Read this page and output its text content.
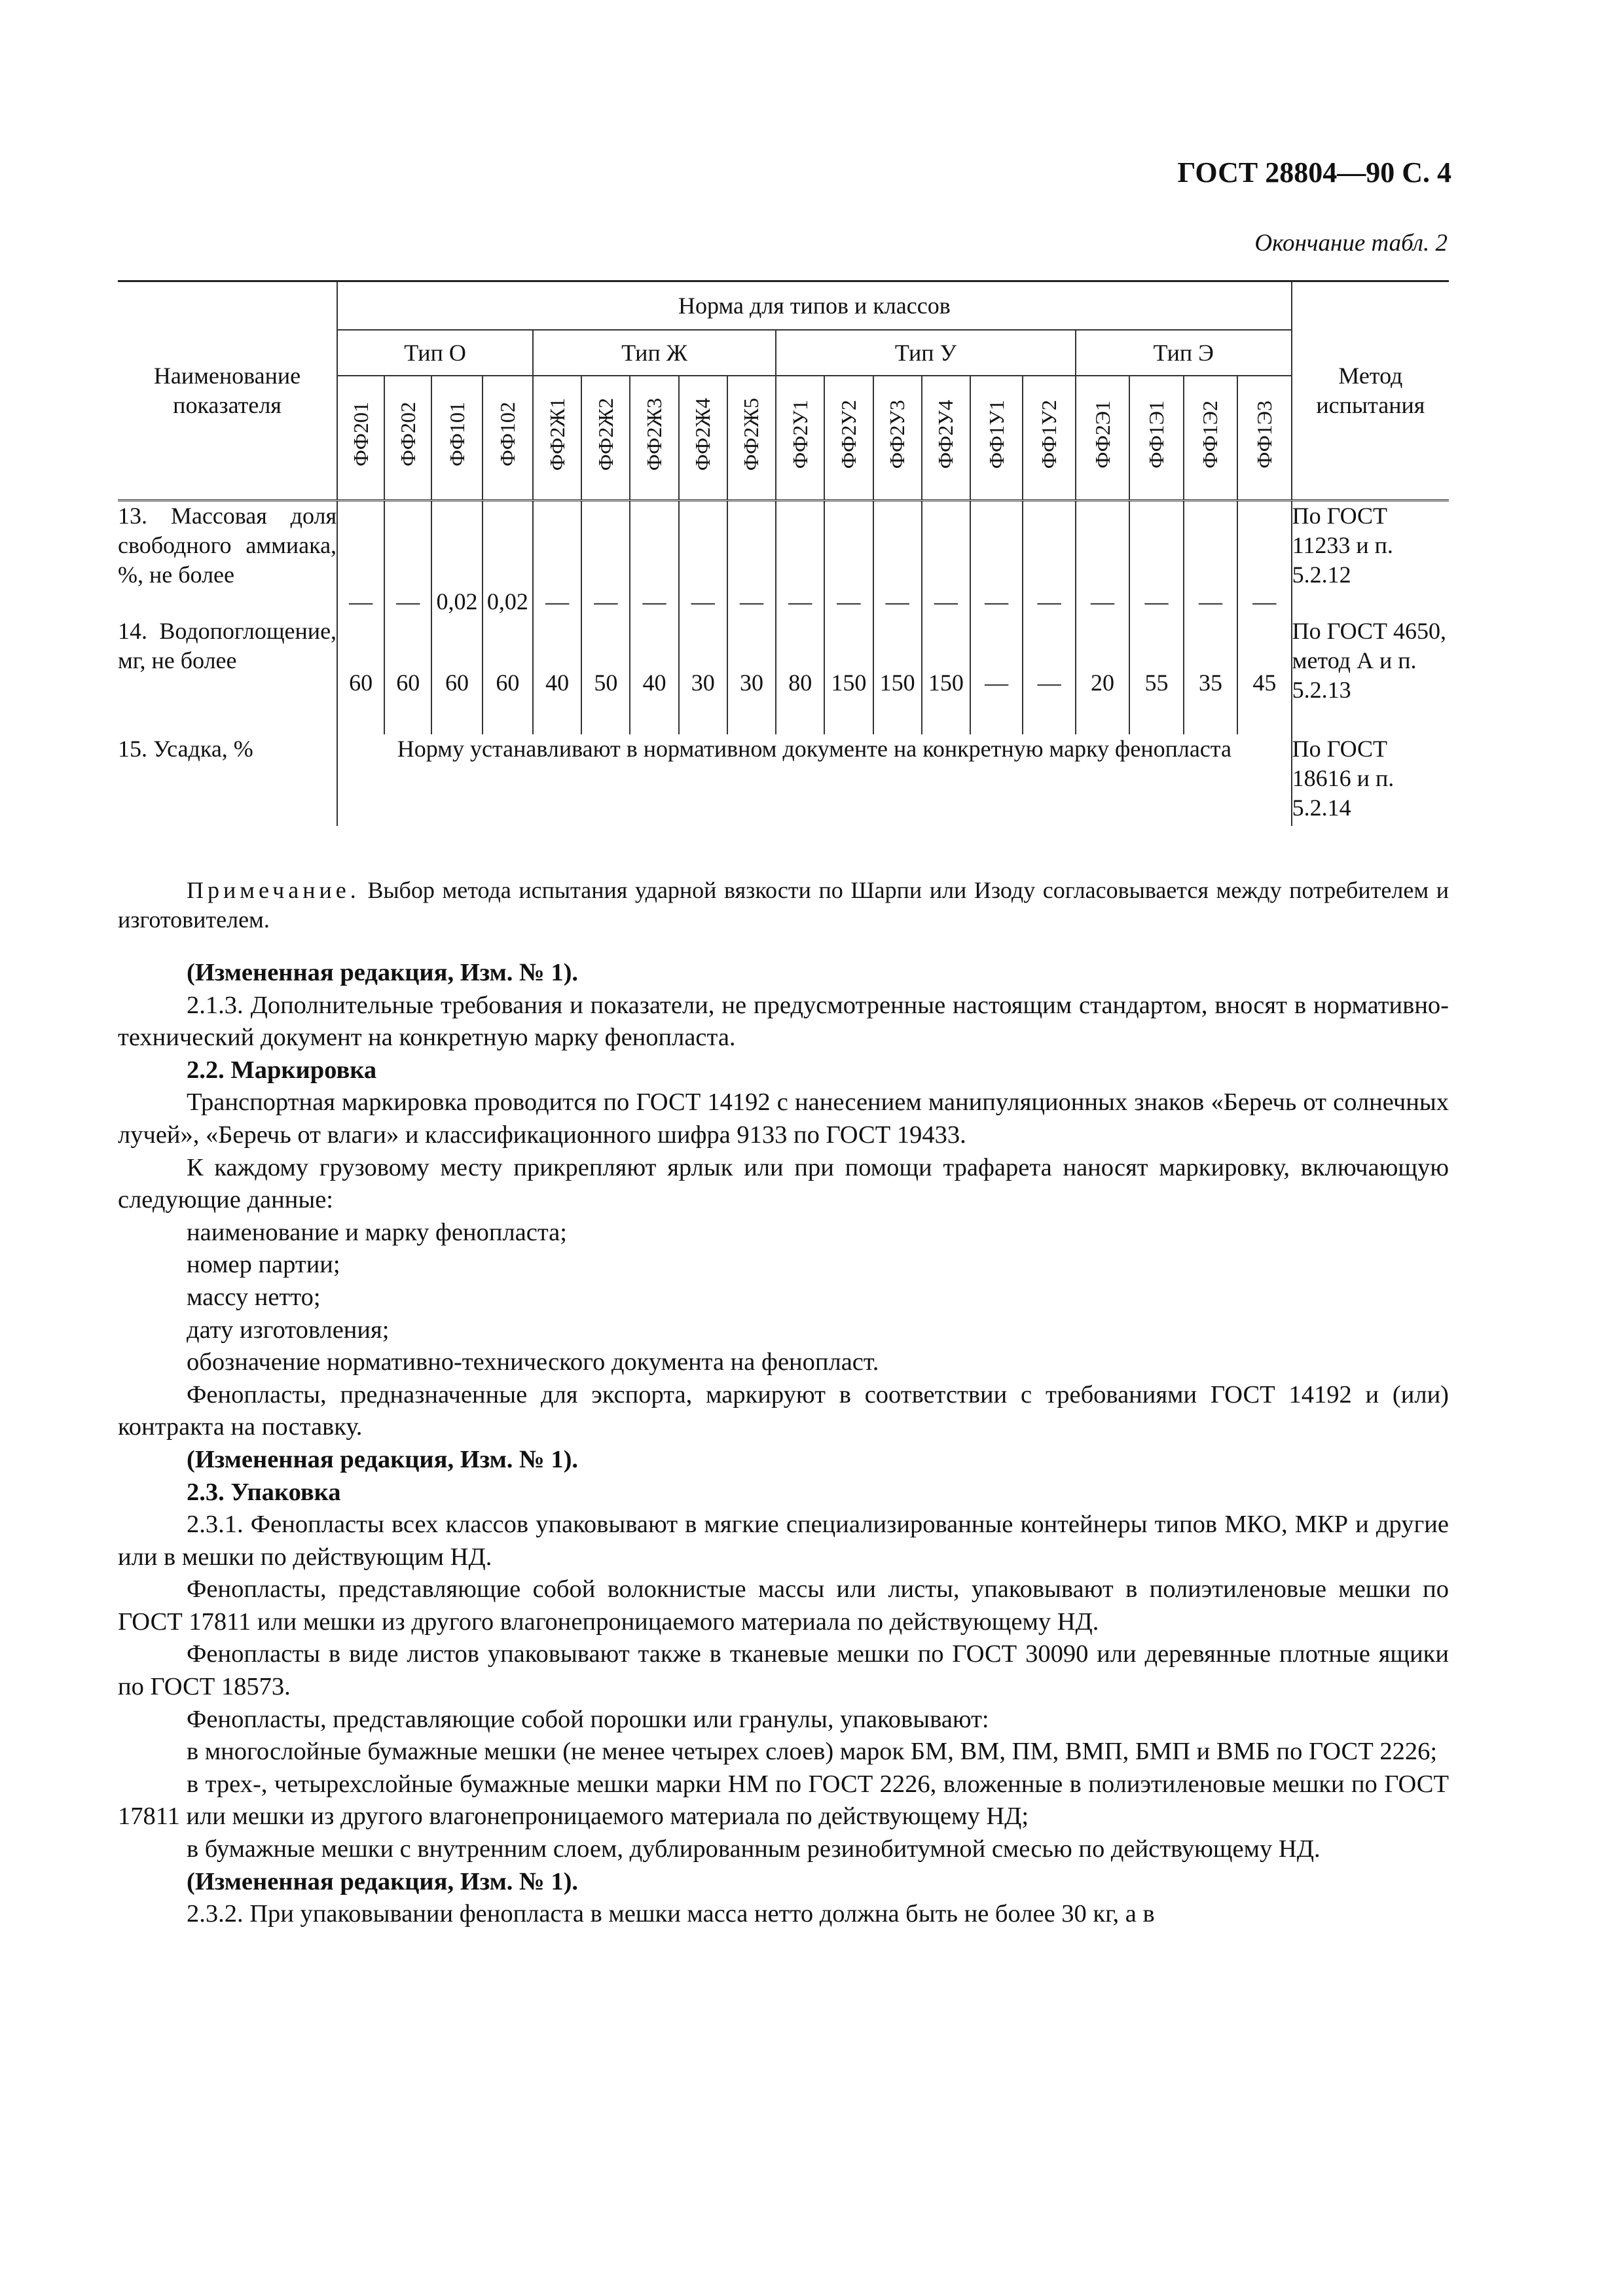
ГОСТ 28804—90 С. 4
Окончание табл. 2
Наименование показателя	Норма для типов и классов																			Метод испытания
	Тип О				Тип Ж					Тип У						Тип Э				
	ФФ201	ФФ202	ФФ101	ФФ102	ФФ2Ж1	ФФ2Ж2	ФФ2Ж3	ФФ2Ж4	ФФ2Ж5	ФФ2У1	ФФ2У2	ФФ2У3	ФФ2У4	ФФ1У1	ФФ1У2	ФФ2Э1	ФФ1Э1	ФФ1Э2	ФФ1Э3	
13. Массовая доля свободного аммиака, %, не более	—	—	0,02	0,02	—	—	—	—	—	—	—	—	—	—	—	—	—	—	—	По ГОСТ 11233 и п. 5.2.12
14. Водопоглощение, мг, не более	60	60	60	60	40	50	40	30	30	80	150	150	150	—	—	20	55	35	45	По ГОСТ 4650, метод А и п. 5.2.13
15. Усадка, %	Норму устанавливают в нормативном документе на конкретную марку фенопласта																			По ГОСТ 18616 и п. 5.2.14

Примечание. Выбор метода испытания ударной вязкости по Шарпи или Изоду согласовывается между потребителем и изготовителем.

(Измененная редакция, Изм. № 1).

2.1.3. Дополнительные требования и показатели, не предусмотренные настоящим стандартом, вносят в нормативно-технический документ на конкретную марку фенопласта.

2.2. Маркировка

Транспортная маркировка проводится по ГОСТ 14192 с нанесением манипуляционных знаков «Беречь от солнечных лучей», «Беречь от влаги» и классификационного шифра 9133 по ГОСТ 19433.

К каждому грузовому месту прикрепляют ярлык или при помощи трафарета наносят маркировку, включающую следующие данные:

наименование и марку фенопласта;

номер партии;

массу нетто;

дату изготовления;

обозначение нормативно-технического документа на фенопласт.

Фенопласты, предназначенные для экспорта, маркируют в соответствии с требованиями ГОСТ 14192 и (или) контракта на поставку.

(Измененная редакция, Изм. № 1).

2.3. Упаковка

2.3.1. Фенопласты всех классов упаковывают в мягкие специализированные контейнеры типов МКО, МКР и другие или в мешки по действующим НД.

Фенопласты, представляющие собой волокнистые массы или листы, упаковывают в полиэтиленовые мешки по ГОСТ 17811 или мешки из другого влагонепроницаемого материала по действующему НД.

Фенопласты в виде листов упаковывают также в тканевые мешки по ГОСТ 30090 или деревянные плотные ящики по ГОСТ 18573.

Фенопласты, представляющие собой порошки или гранулы, упаковывают:

в многослойные бумажные мешки (не менее четырех слоев) марок БМ, ВМ, ПМ, ВМП, БМП и ВМБ по ГОСТ 2226;

в трех-, четырехслойные бумажные мешки марки НМ по ГОСТ 2226, вложенные в полиэтиленовые мешки по ГОСТ 17811 или мешки из другого влагонепроницаемого материала по действующему НД;

в бумажные мешки с внутренним слоем, дублированным резинобитумной смесью по действующему НД.

(Измененная редакция, Изм. № 1).

2.3.2. При упаковывании фенопласта в мешки масса нетто должна быть не более 30 кг, а в
